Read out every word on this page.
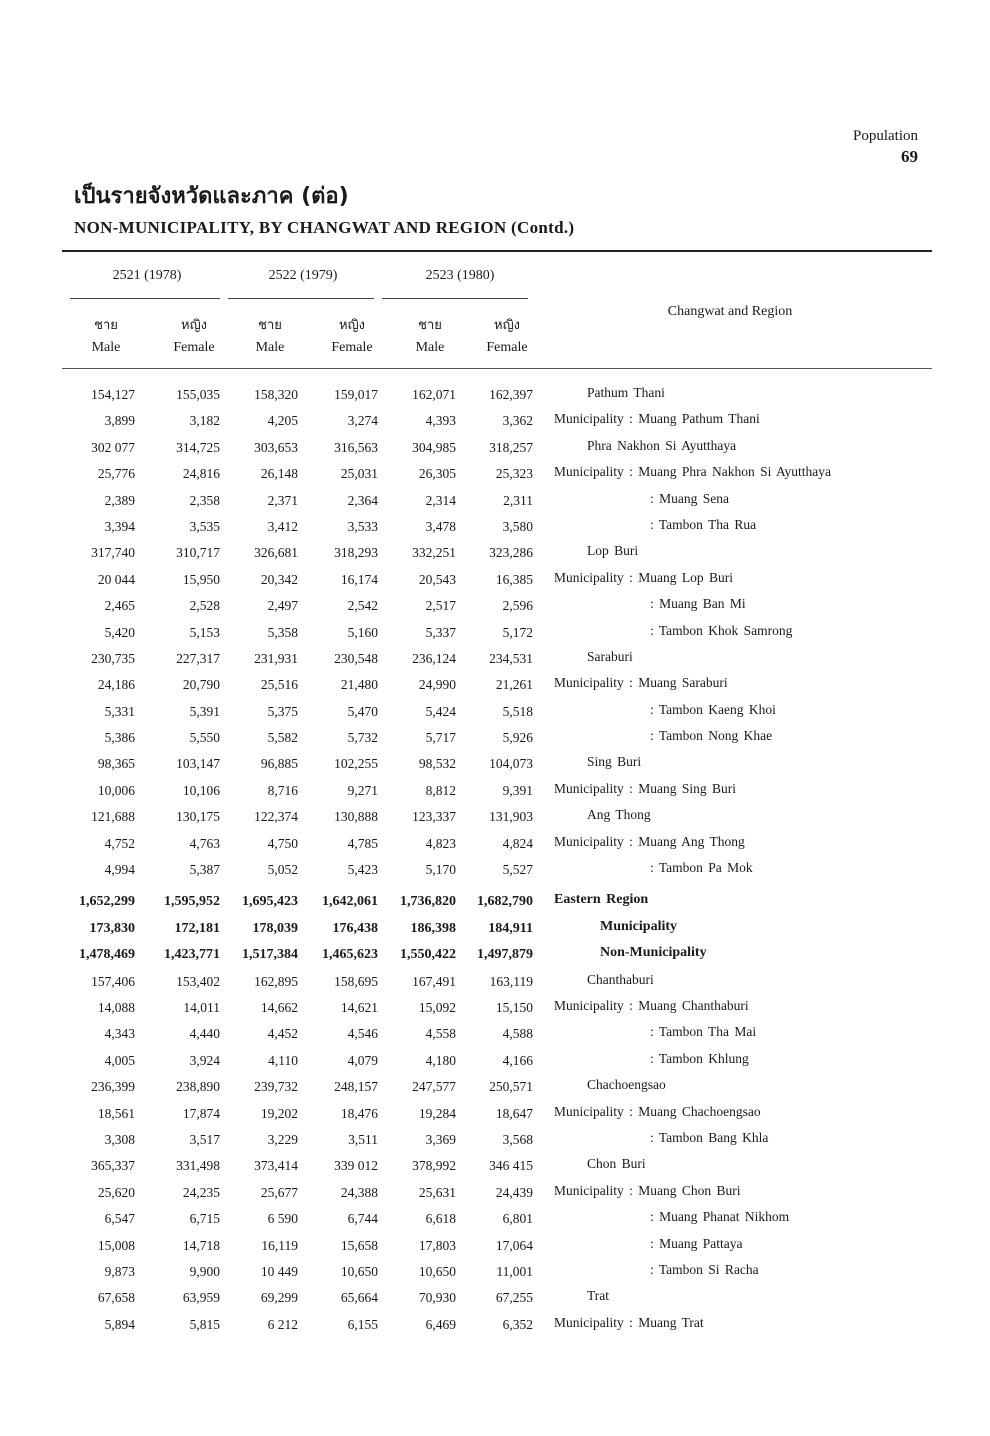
Population
69
เป็นรายจังหวัดและภาค (ต่อ)
NON-MUNICIPALITY, BY CHANGWAT AND REGION (Contd.)
2521 (1978)	2522 (1979)	2523 (1980)
ชาย	หญิง	ชาย	หญิง	ชาย	หญิง
Male	Female	Male	Female	Male	Female
Changwat and Region
154,127	155,035	158,320	159,017	162,071	162,397	Pathum Thani
3,899	3,182	4,205	3,274	4,393	3,362 Municipality : Muang Pathum Thani
302 077	314,725	303,653	316,563	304,985	318,257	Phra Nakhon Si Ayutthaya
25,776	24,816	26,148	25,031	26,305	25,323 Municipality : Muang Phra Nakhon Si Ayutthaya
2,389	2,358	2,371	2,364	2,314	2,311	: Muang Sena
3,394	3,535	3,412	3,533	3,478	3,580	: Tambon Tha Rua
317,740	310,717	326,681	318,293	332,251	323,286	Lop Buri
20 044	15,950	20,342	16,174	20,543	16,385 Municipality : Muang Lop Buri
2,465	2,528	2,497	2,542	2,517	2,596	: Muang Ban Mi
5,420	5,153	5,358	5,160	5,337	5,172	: Tambon Khok Samrong
230,735	227,317	231,931	230,548	236,124	234,531	Saraburi
24,186	20,790	25,516	21,480	24,990	21,261 Municipality : Muang Saraburi
5,331	5,391	5,375	5,470	5,424	5,518	: Tambon Kaeng Khoi
5,386	5,550	5,582	5,732	5,717	5,926	: Tambon Nong Khae
98,365	103,147	96,885	102,255	98,532	104,073	Sing Buri
10,006	10,106	8,716	9,271	8,812	9,391 Municipality : Muang Sing Buri
121,688	130,175	122,374	130,888	123,337	131,903	Ang Thong
4,752	4,763	4,750	4,785	4,823	4,824 Municipality : Muang Ang Thong
4,994	5,387	5,052	5,423	5,170	5,527	: Tambon Pa Mok
1,652,299	1,595,952	1,695,423	1,642,061	1,736,820	1,682,790 Eastern Region
173,830	172,181	178,039	176,438	186,398	184,911	Municipality
1,478,469	1,423,771	1,517,384	1,465,623	1,550,422	1,497,879	Non-Municipality
157,406	153,402	162,895	158,695	167,491	163,119	Chanthaburi
14,088	14,011	14,662	14,621	15,092	15,150 Municipality : Muang Chanthaburi
4,343	4,440	4,452	4,546	4,558	4,588	: Tambon Tha Mai
4,005	3,924	4,110	4,079	4,180	4,166	: Tambon Khlung
236,399	238,890	239,732	248,157	247,577	250,571	Chachoengsao
18,561	17,874	19,202	18,476	19,284	18,647 Municipality : Muang Chachoengsao
3,308	3,517	3,229	3,511	3,369	3,568	: Tambon Bang Khla
365,337	331,498	373,414	339 012	378,992	346 415	Chon Buri
25,620	24,235	25,677	24,388	25,631	24,439 Municipality : Muang Chon Buri
6,547	6,715	6 590	6,744	6,618	6,801	: Muang Phanat Nikhom
15,008	14,718	16,119	15,658	17,803	17,064	: Muang Pattaya
9,873	9,900	10 449	10,650	10,650	11,001	: Tambon Si Racha
67,658	63,959	69,299	65,664	70,930	67,255	Trat
5,894	5,815	6 212	6,155	6,469	6,352 Municipality : Muang Trat
